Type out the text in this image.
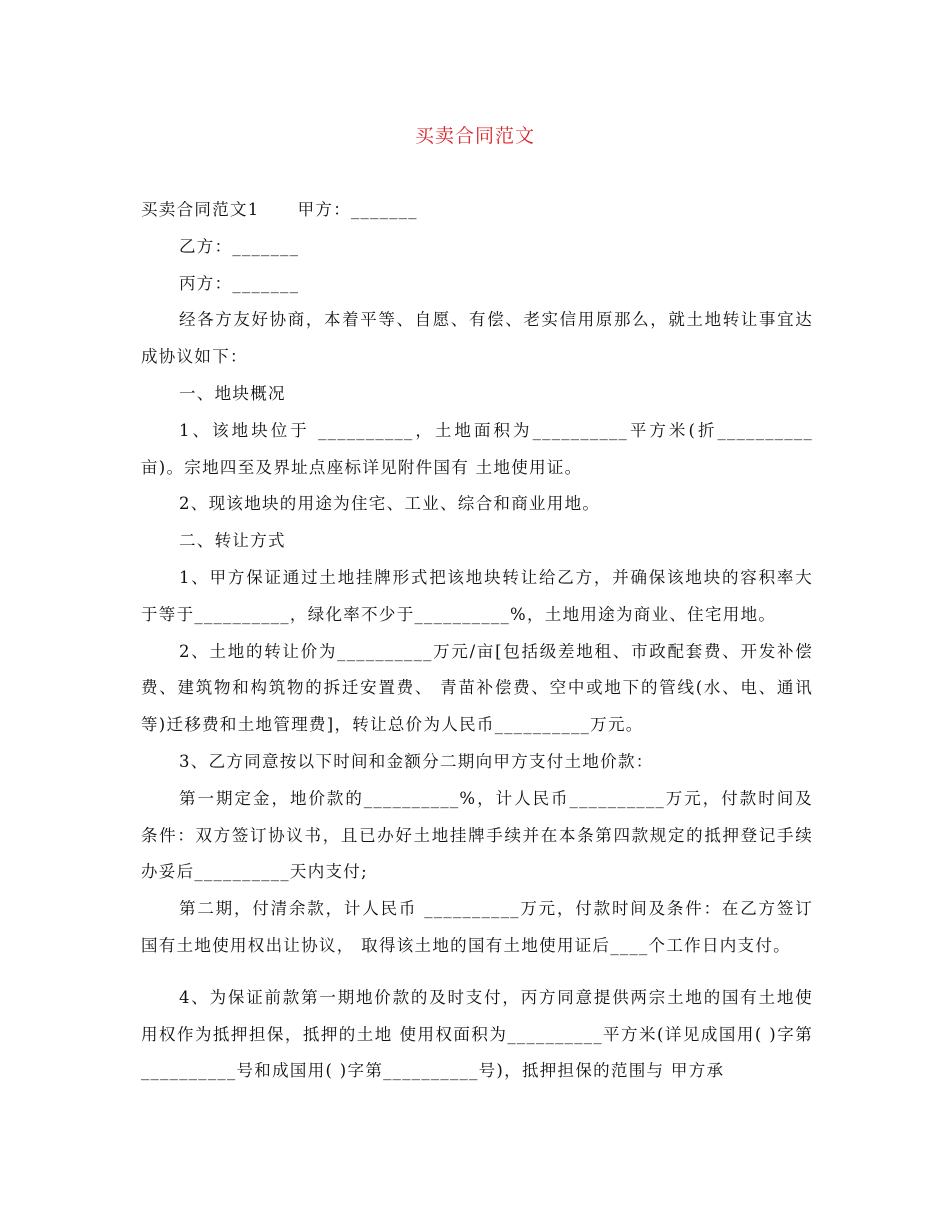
买卖合同范文

买卖合同范文1 甲方：_______

乙方：_______

丙方：_______

经各方友好协商，本着平等、自愿、有偿、老实信用原那么，就土地转让事宜达成协议如下：

一、地块概况

1、该地块位于 __________，土地面积为__________平方米(折__________亩)。宗地四至及界址点座标详见附件国有 土地使用证。

2、现该地块的用途为住宅、工业、综合和商业用地。

二、转让方式

1、甲方保证通过土地挂牌形式把该地块转让给乙方，并确保该地块的容积率大于等于__________，绿化率不少于__________%，土地用途为商业、住宅用地。

2、土地的转让价为__________万元/亩[包括级差地租、市政配套费、开发补偿费、建筑物和构筑物的拆迁安置费、 青苗补偿费、空中或地下的管线(水、电、通讯等)迁移费和土地管理费]，转让总价为人民币__________万元。

3、乙方同意按以下时间和金额分二期向甲方支付土地价款：

第一期定金，地价款的__________%，计人民币__________万元，付款时间及条件：双方签订协议书，且已办好土地挂牌手续并在本条第四款规定的抵押登记手续办妥后__________天内支付;

第二期，付清余款，计人民币 __________万元，付款时间及条件：在乙方签订国有土地使用权出让协议， 取得该土地的国有土地使用证后____个工作日内支付。

4、为保证前款第一期地价款的及时支付，丙方同意提供两宗土地的国有土地使用权作为抵押担保，抵押的土地 使用权面积为__________平方米(详见成国用( )字第__________号和成国用( )字第__________号)，抵押担保的范围与 甲方承
